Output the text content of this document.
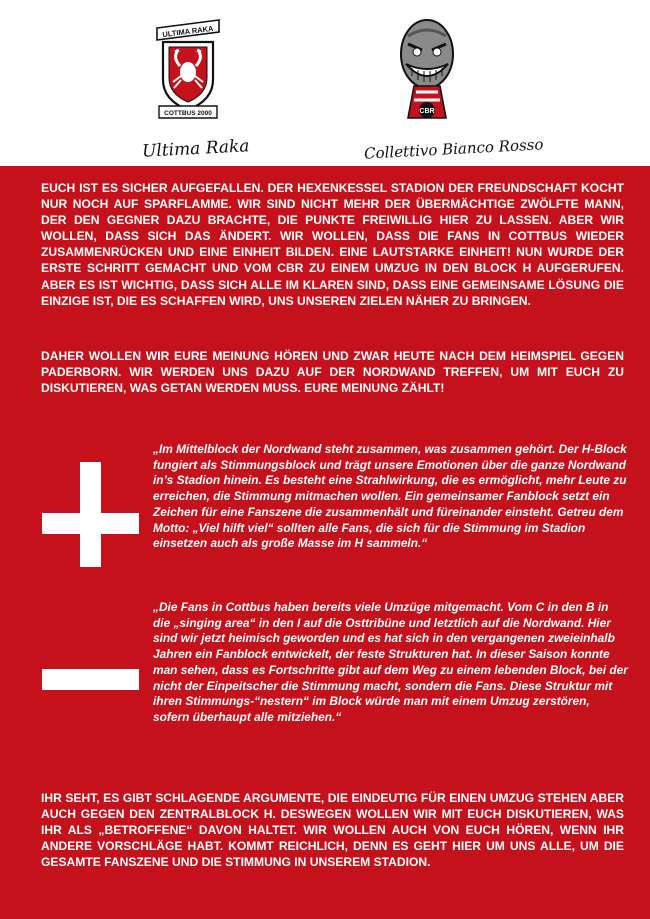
ULTIMA RAKA
COTTBUS 2000
Ultima Raka
CBR
Collettivo Bianco Rosso

EUCH IST ES SICHER AUFGEFALLEN. DER HEXENKESSEL STADION DER FREUNDSCHAFT KOCHT NUR NOCH AUF SPARFLAMME. WIR SIND NICHT MEHR DER ÜBERMÄCHTIGE ZWÖLFTE MANN, DER DEN GEGNER DAZU BRACHTE, DIE PUNKTE FREIWILLIG HIER ZU LASSEN. ABER WIR WOLLEN, DASS SICH DAS ÄNDERT. WIR WOLLEN, DASS DIE FANS IN COTTBUS WIEDER ZUSAMMENRÜCKEN UND EINE EINHEIT BILDEN. EINE LAUTSTARKE EINHEIT! NUN WURDE DER ERSTE SCHRITT GEMACHT UND VOM CBR ZU EINEM UMZUG IN DEN BLOCK H AUFGERUFEN. ABER ES IST WICHTIG, DASS SICH ALLE IM KLAREN SIND, DASS EINE GEMEINSAME LÖSUNG DIE EINZIGE IST, DIE ES SCHAFFEN WIRD, UNS UNSEREN ZIELEN NÄHER ZU BRINGEN.

DAHER WOLLEN WIR EURE MEINUNG HÖREN UND ZWAR HEUTE NACH DEM HEIMSPIEL GEGEN PADERBORN. WIR WERDEN UNS DAZU AUF DER NORDWAND TREFFEN, UM MIT EUCH ZU DISKUTIEREN, WAS GETAN WERDEN MUSS. EURE MEINUNG ZÄHLT!

„Im Mittelblock der Nordwand steht zusammen, was zusammen gehört. Der H-Block fungiert als Stimmungsblock und trägt unsere Emotionen über die ganze Nordwand in’s Stadion hinein. Es besteht eine Strahlwirkung, die es ermöglicht, mehr Leute zu erreichen, die Stimmung mitmachen wollen. Ein gemeinsamer Fanblock setzt ein Zeichen für eine Fanszene die zusammenhält und füreinander einsteht. Getreu dem Motto: „Viel hilft viel“ sollten alle Fans, die sich für die Stimmung im Stadion einsetzen auch als große Masse im H sammeln.“

„Die Fans in Cottbus haben bereits viele Umzüge mitgemacht. Vom C in den B in die „singing area“ in den I auf die Osttribüne und letztlich auf die Nordwand. Hier sind wir jetzt heimisch geworden und es hat sich in den vergangenen zweieinhalb Jahren ein Fanblock entwickelt, der feste Strukturen hat. In dieser Saison konnte man sehen, dass es Fortschritte gibt auf dem Weg zu einem lebenden Block, bei der nicht der Einpeitscher die Stimmung macht, sondern die Fans. Diese Struktur mit ihren Stimmungs-“nestern“ im Block würde man mit einem Umzug zerstören, sofern überhaupt alle mitziehen.“

IHR SEHT, ES GIBT SCHLAGENDE ARGUMENTE, DIE EINDEUTIG FÜR EINEN UMZUG STEHEN ABER AUCH GEGEN DEN ZENTRALBLOCK H. DESWEGEN WOLLEN WIR MIT EUCH DISKUTIEREN, WAS IHR ALS „BETROFFENE“ DAVON HALTET. WIR WOLLEN AUCH VON EUCH HÖREN, WENN IHR ANDERE VORSCHLÄGE HABT. KOMMT REICHLICH, DENN ES GEHT HIER UM UNS ALLE, UM DIE GESAMTE FANSZENE UND DIE STIMMUNG IN UNSEREM STADION.
